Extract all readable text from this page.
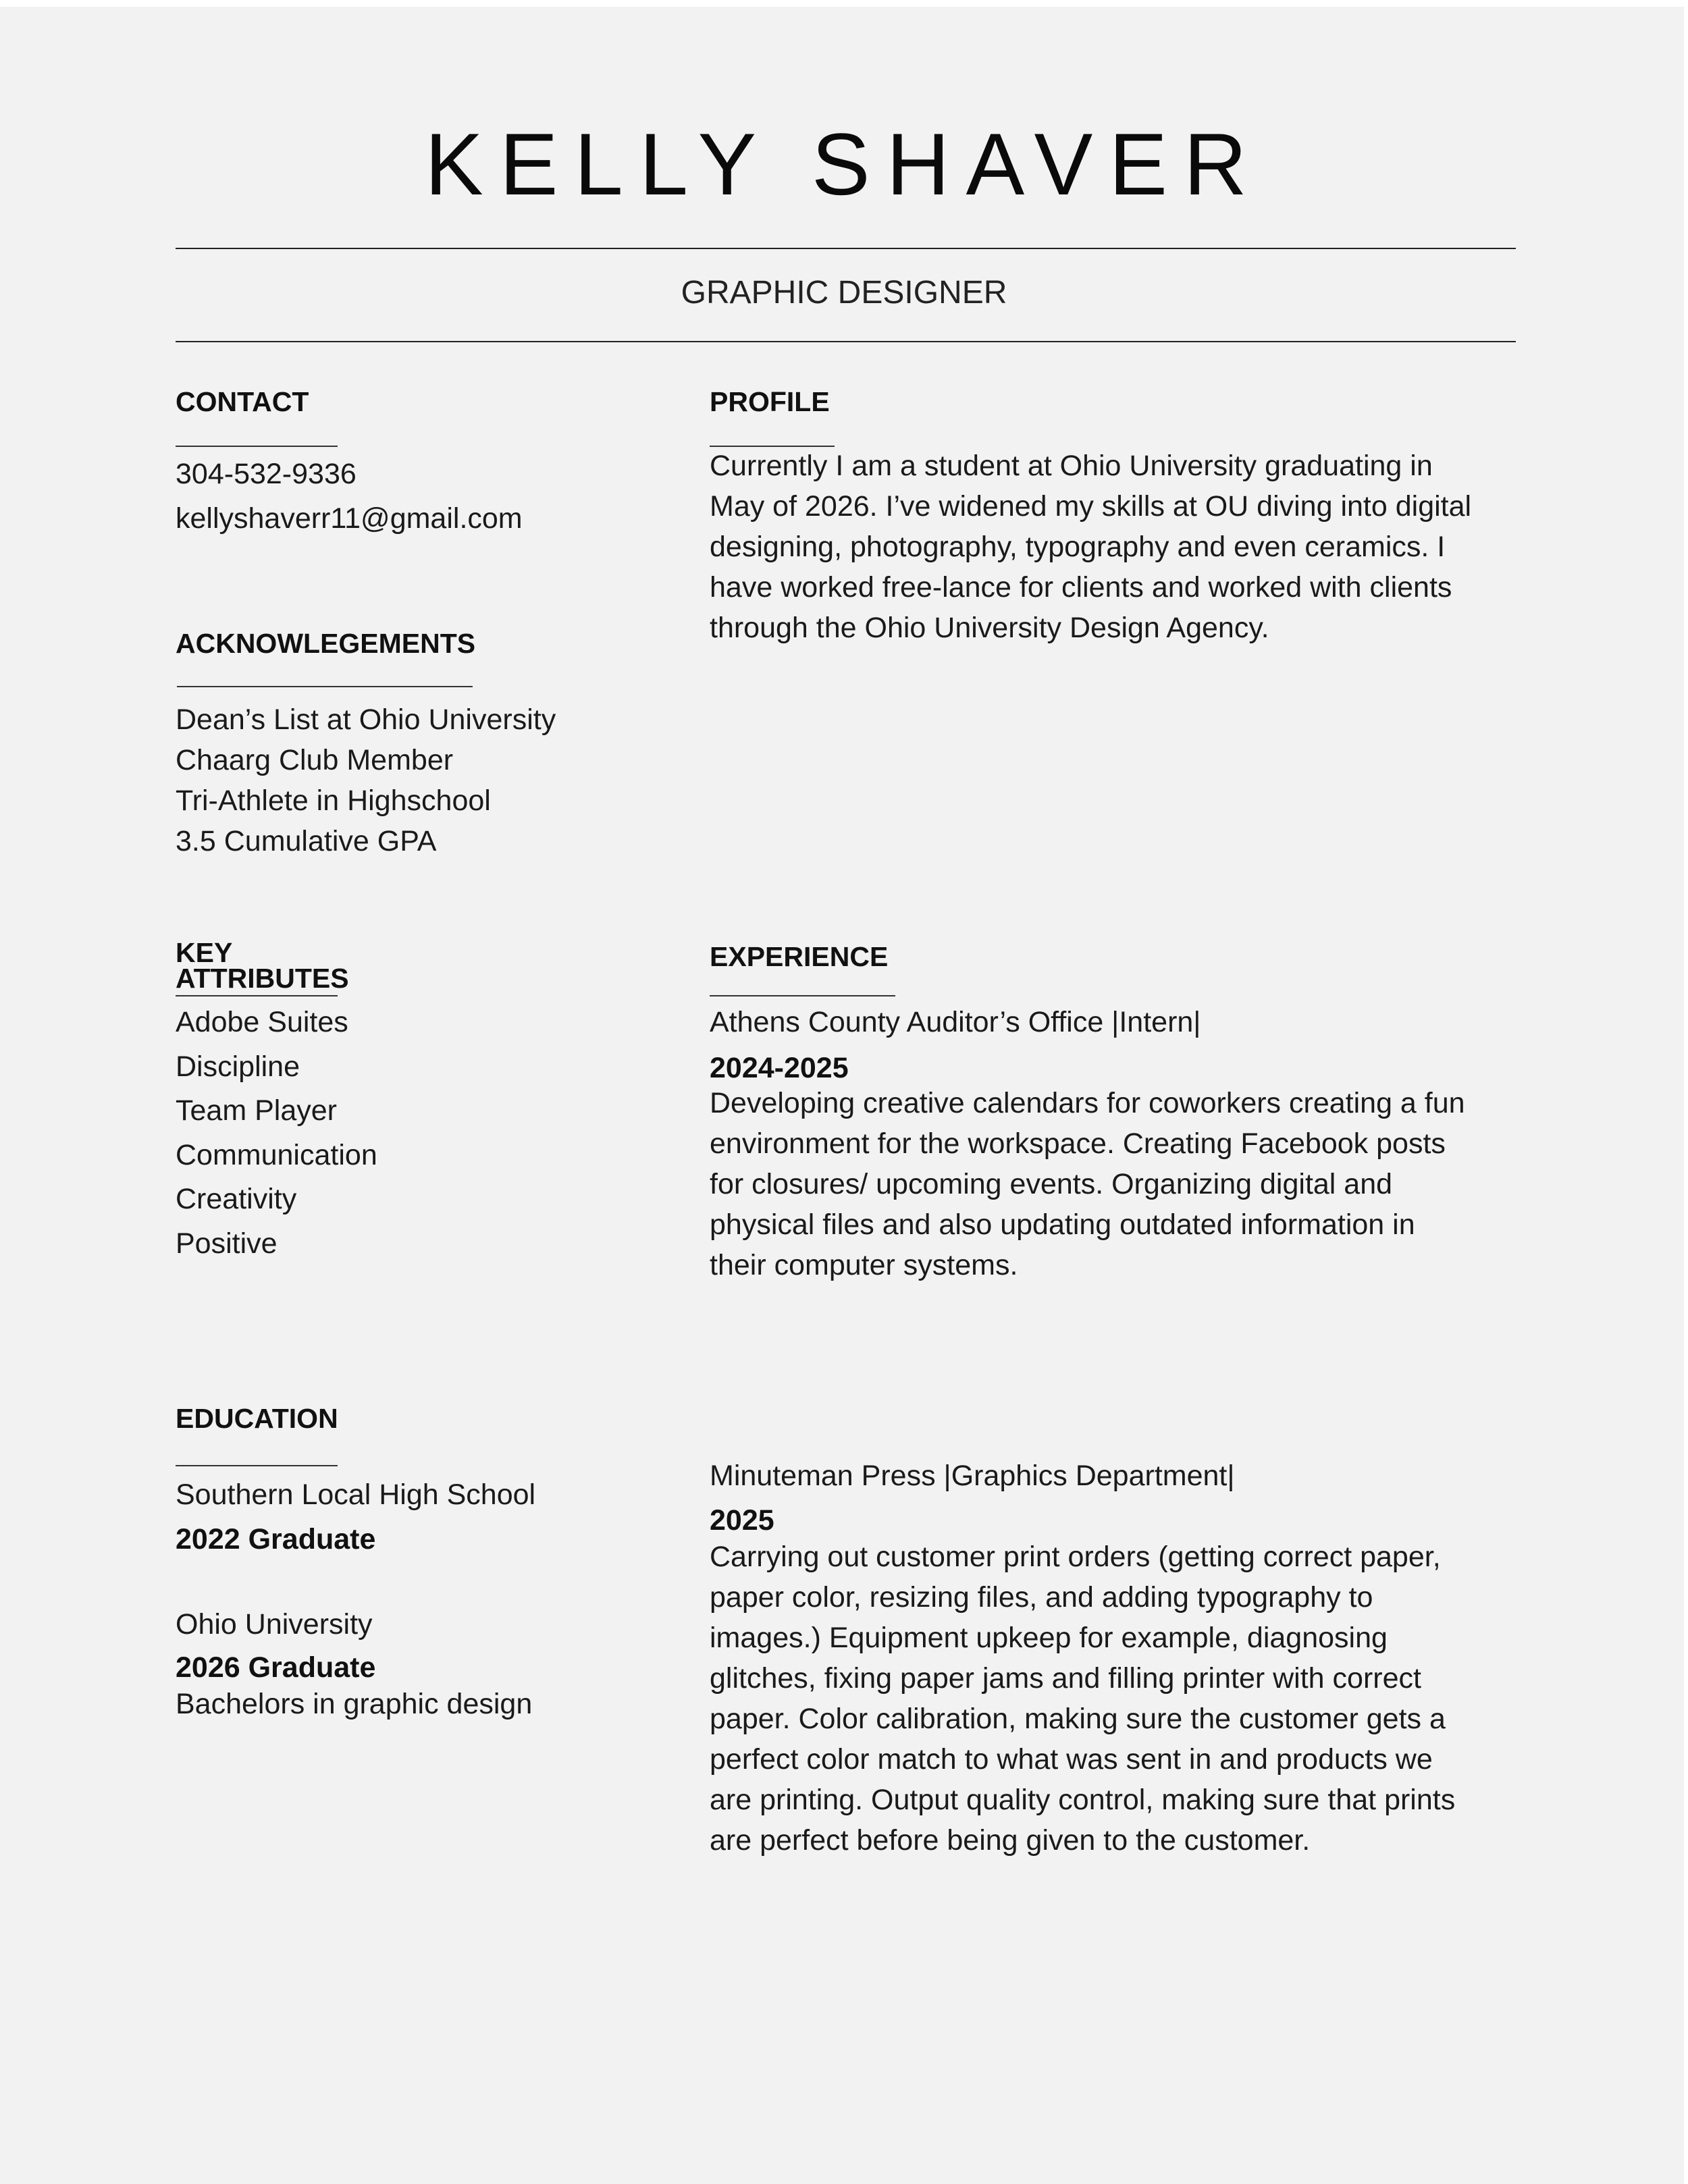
KELLY SHAVER
GRAPHIC DESIGNER
CONTACT
304-532-9336
kellyshaverr11@gmail.com
ACKNOWLEGEMENTS
Dean’s List at Ohio University
Chaarg Club Member
Tri-Athlete in Highschool
3.5 Cumulative GPA
KEY
ATTRIBUTES
Adobe Suites
Discipline
Team Player
Communication
Creativity
Positive
EDUCATION
Southern Local High School
2022 Graduate
Ohio University
2026 Graduate
Bachelors in graphic design
PROFILE
Currently I am a student at Ohio University graduating in
May of 2026. I’ve widened my skills at OU diving into digital
designing, photography, typography and even ceramics. I
have worked free-lance for clients and worked with clients
through the Ohio University Design Agency.
EXPERIENCE
Athens County Auditor’s Office |Intern|
2024-2025
Developing creative calendars for coworkers creating a fun
environment for the workspace. Creating Facebook posts
for closures/ upcoming events. Organizing digital and
physical files and also updating outdated information in
their computer systems.
Minuteman Press |Graphics Department|
2025
Carrying out customer print orders (getting correct paper,
paper color, resizing files, and adding typography to
images.) Equipment upkeep for example, diagnosing
glitches, fixing paper jams and filling printer with correct
paper. Color calibration, making sure the customer gets a
perfect color match to what was sent in and products we
are printing. Output quality control, making sure that prints
are perfect before being given to the customer.
